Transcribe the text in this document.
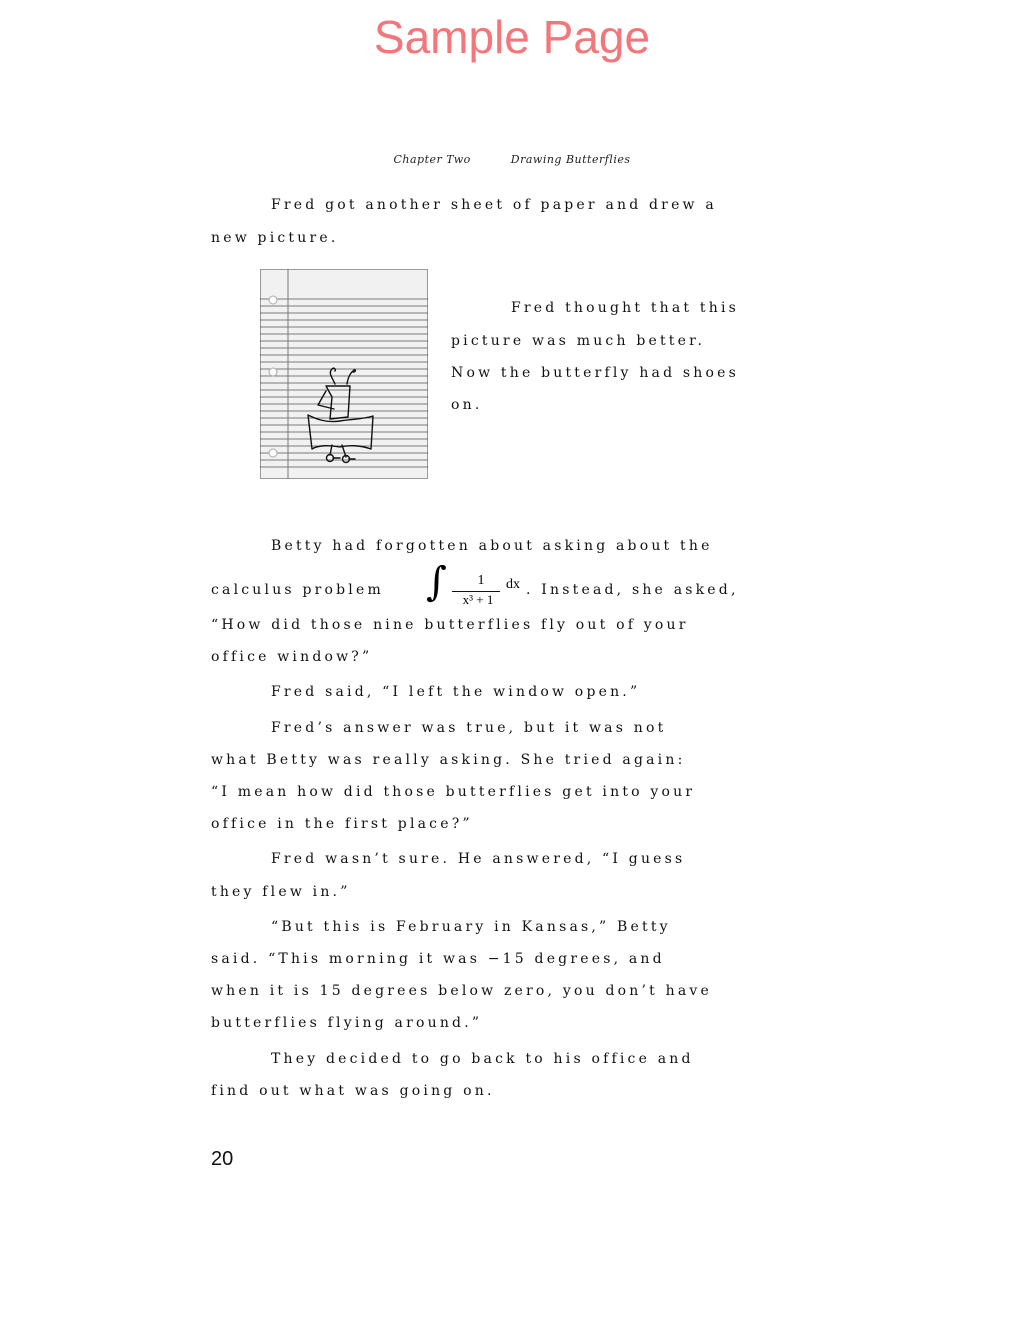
Sample Page
Chapter Two	Drawing Butterflies
Fred got another sheet of paper and drew a
new picture.
Fred thought that this
picture was much better.
Now the butterfly had shoes
on.
Betty had forgotten about asking about the
calculus problem ∫	1
x³ + 1
dx . Instead, she asked,
“How did those nine butterflies fly out of your
office window?”
Fred said, “I left the window open.”
Fred’s answer was true, but it was not
what Betty was really asking. She tried again:
“I mean how did those butterflies get into your
office in the first place?”
Fred wasn’t sure. He answered, “I guess
they flew in.”
“But this is February in Kansas,” Betty
said. “This morning it was −15 degrees, and
when it is 15 degrees below zero, you don’t have
butterflies flying around.”
They decided to go back to his office and
find out what was going on.
20
